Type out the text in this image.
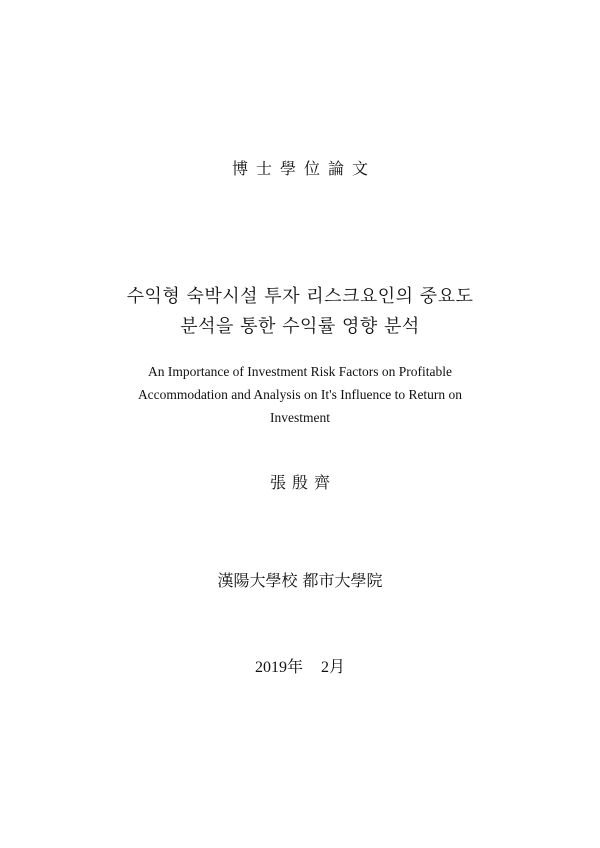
博士學位論文
수익형 숙박시설 투자 리스크요인의 중요도
분석을 통한 수익률 영향 분석
An Importance of Investment Risk Factors on Profitable
Accommodation and Analysis on It's Influence to Return on
Investment
張殷齊
漢陽大學校 都市大學院
2019年 2月
